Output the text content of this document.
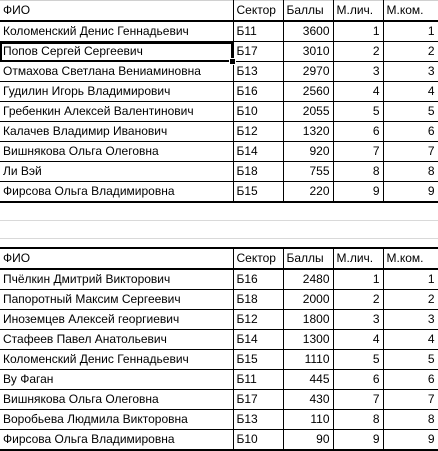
ФИО	Сектор	Баллы	М.лич.	М.ком.
Коломенский Денис Геннадьевич	Б11	3600	1	1
Попов Сергей Сергеевич	Б17	3010	2	2
Отмахова Светлана Вениаминовна	Б13	2970	3	3
Гудилин Игорь Владимирович	Б16	2560	4	4
Гребенкин Алексей Валентинович	Б10	2055	5	5
Калачев Владимир Иванович	Б12	1320	6	6
Вишнякова Ольга Олеговна	Б14	920	7	7
Ли Вэй	Б18	755	8	8
Фирсова Ольга Владимировна	Б15	220	9	9
ФИО	Сектор	Баллы	М.лич.	М.ком.
Пчёлкин Дмитрий Викторович	Б16	2480	1	1
Папоротный Максим Сергеевич	Б18	2000	2	2
Иноземцев Алексей георгиевич	Б12	1800	3	3
Стафеев Павел Анатольевич	Б14	1300	4	4
Коломенский Денис Геннадьевич	Б15	1110	5	5
Ву Фаган	Б11	445	6	6
Вишнякова Ольга Олеговна	Б17	430	7	7
Воробьева Людмила Викторовна	Б13	110	8	8
Фирсова Ольга Владимировна	Б10	90	9	9
